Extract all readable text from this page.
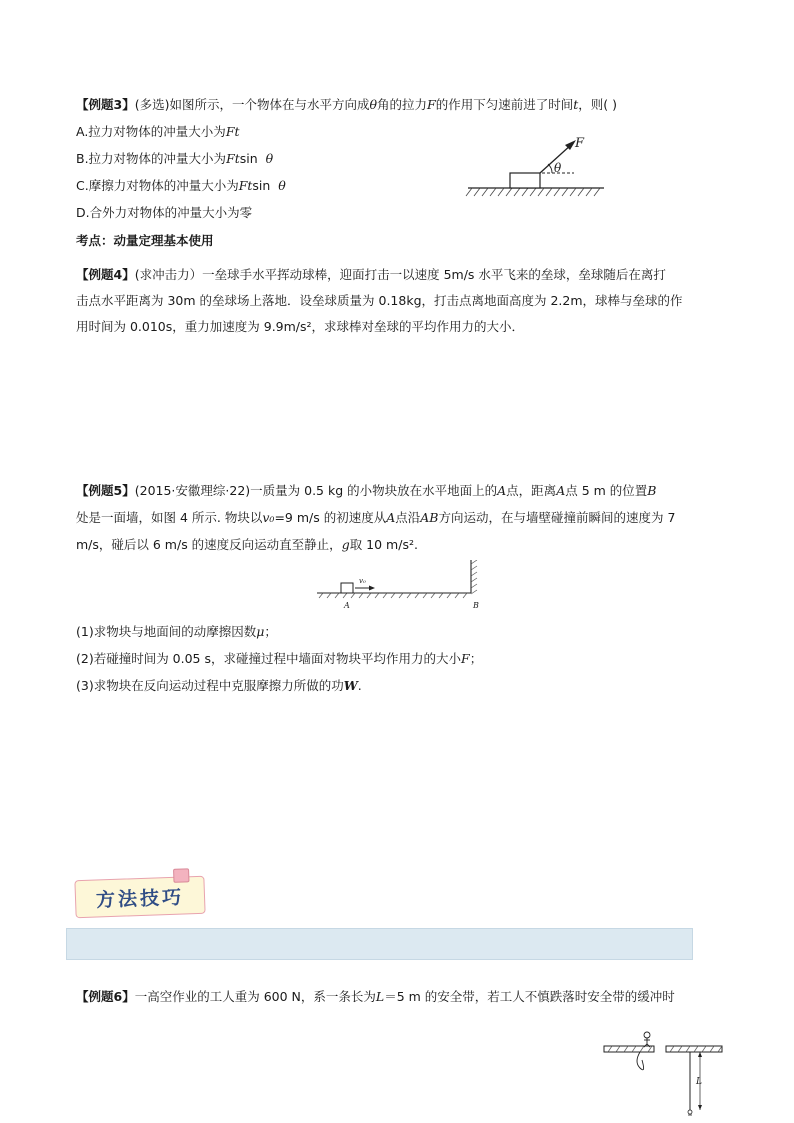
【例题3】(多选)如图所示，一个物体在与水平方向成θ角的拉力F的作用下匀速前进了时间t，则( )
A.拉力对物体的冲量大小为Ft
B.拉力对物体的冲量大小为Ftsin θ
C.摩擦力对物体的冲量大小为Ftsin θ
D.合外力对物体的冲量大小为零
F
θ
考点：动量定理基本使用
【例题4】(求冲击力）一垒球手水平挥动球棒，迎面打击一以速度 5m/s 水平飞来的垒球，垒球随后在离打
击点水平距离为 30m 的垒球场上落地．设垒球质量为 0.18kg，打击点离地面高度为 2.2m，球棒与垒球的作
用时间为 0.010s，重力加速度为 9.9m/s²，求球棒对垒球的平均作用力的大小．
【例题5】(2015·安徽理综·22)一质量为 0.5 kg 的小物块放在水平地面上的A点，距离A点 5 m 的位置B
处是一面墙，如图 4 所示. 物块以v₀=9 m/s 的初速度从A点沿AB方向运动，在与墙壁碰撞前瞬间的速度为 7
m/s，碰后以 6 m/s 的速度反向运动直至静止，g取 10 m/s².
v₀
A	B
(1)求物块与地面间的动摩擦因数μ；
(2)若碰撞时间为 0.05 s，求碰撞过程中墙面对物块平均作用力的大小F；
(3)求物块在反向运动过程中克服摩擦力所做的功W.
方法技巧
【例题6】一高空作业的工人重为 600 N，系一条长为L＝5 m 的安全带，若工人不慎跌落时安全带的缓冲时
L
